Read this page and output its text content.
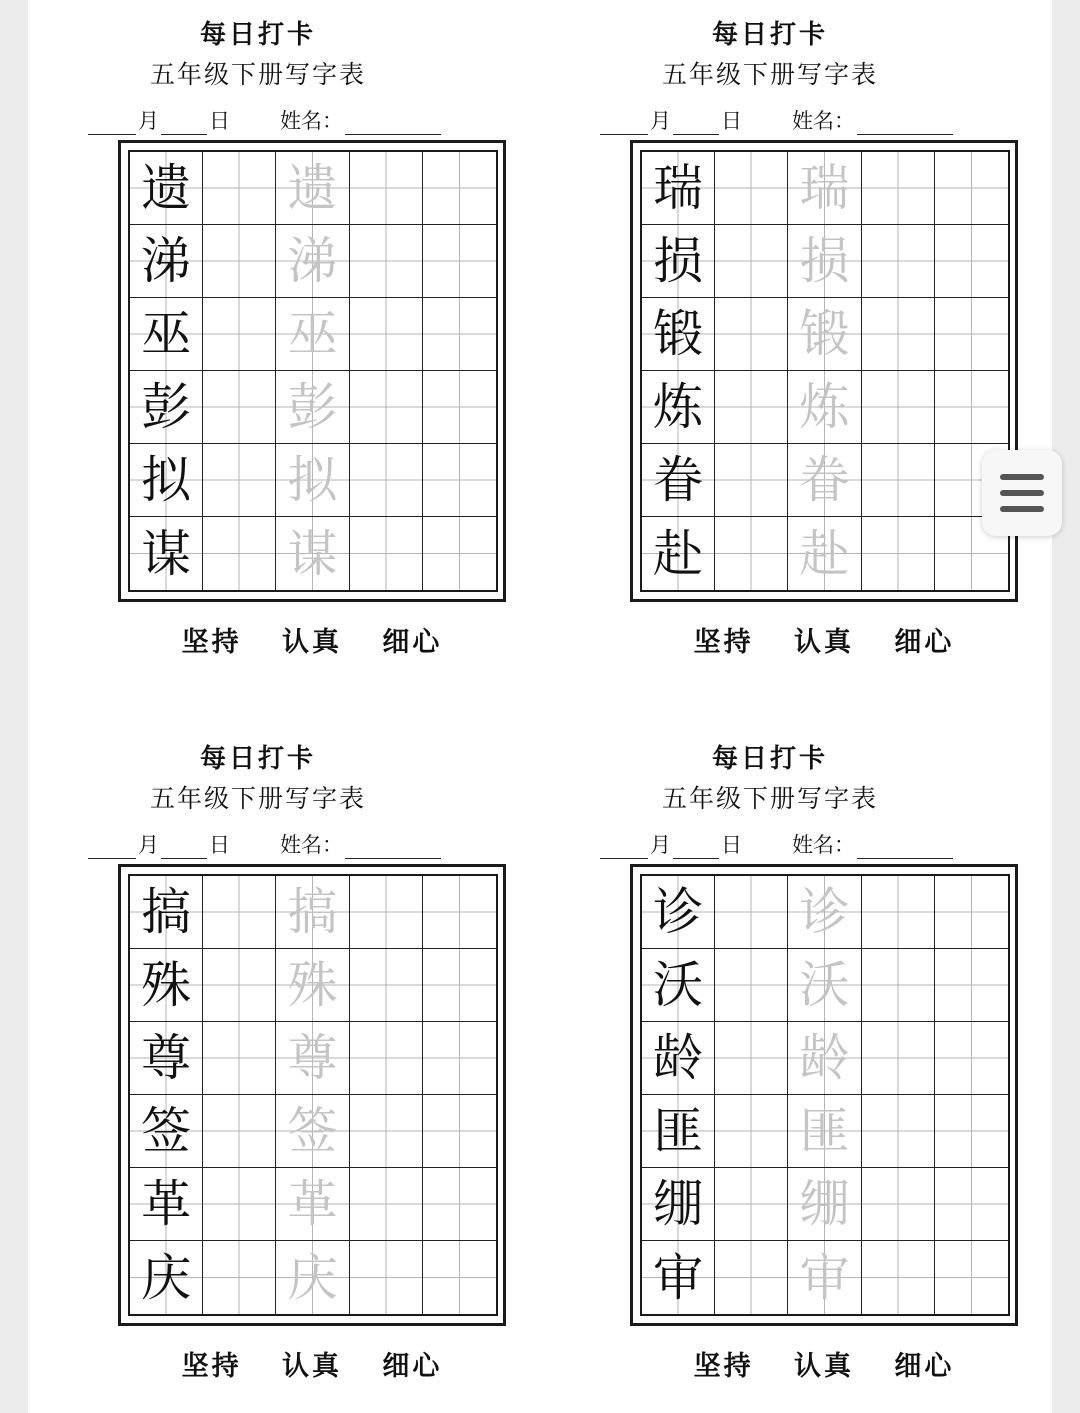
每日打卡
五年级下册写字表
月 日 姓名：
遗 遗
涕 涕
巫 巫
彭 彭
拟 拟
谋 谋
坚持 认真 细心
每日打卡
五年级下册写字表
月 日 姓名：
瑞 瑞
损 损
锻 锻
炼 炼
眷 眷
赴 赴
坚持 认真 细心
每日打卡
五年级下册写字表
月 日 姓名：
搞 搞
殊 殊
尊 尊
签 签
革 革
庆 庆
坚持 认真 细心
每日打卡
五年级下册写字表
月 日 姓名：
诊 诊
沃 沃
龄 龄
匪 匪
绷 绷
审 审
坚持 认真 细心
